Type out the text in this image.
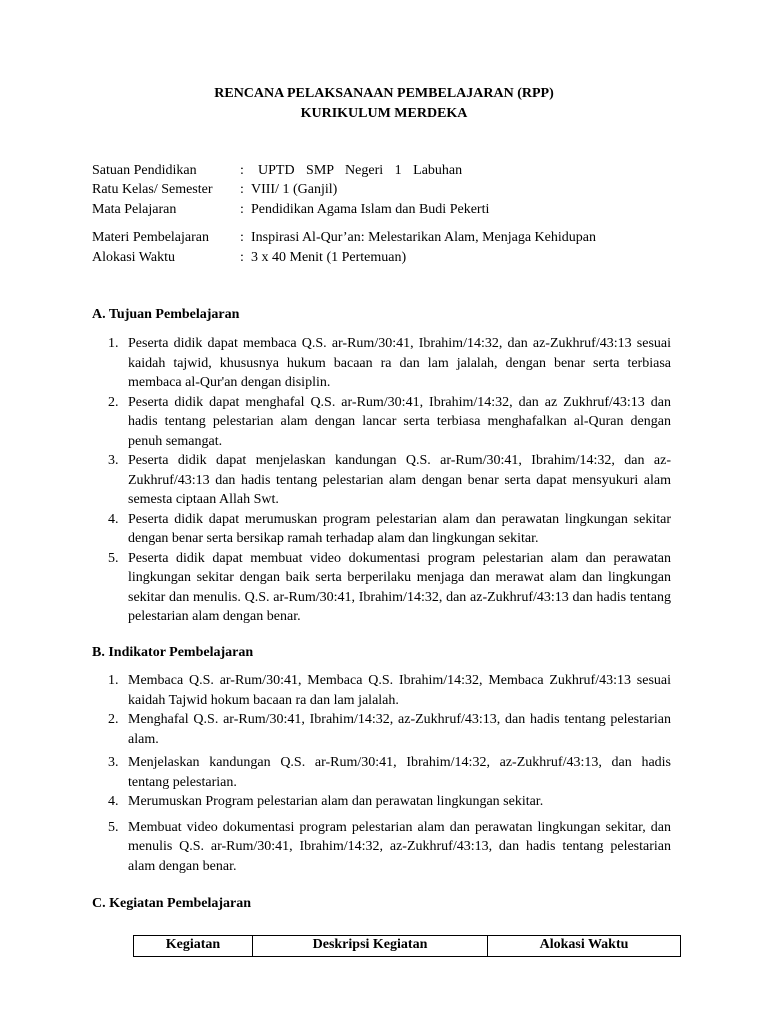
RENCANA PELAKSANAAN PEMBELAJARAN (RPP)
KURIKULUM MERDEKA
Satuan Pendidikan	: UPTD SMP Negeri 1 Labuhan
Ratu Kelas/ Semester	: VIII/ 1 (Ganjil)
Mata Pelajaran	: Pendidikan Agama Islam dan Budi Pekerti
Materi Pembelajaran	: Inspirasi Al-Qur’an: Melestarikan Alam, Menjaga Kehidupan
Alokasi Waktu	: 3 x 40 Menit (1 Pertemuan)
A. Tujuan Pembelajaran
1. Peserta didik dapat membaca Q.S. ar-Rum/30:41, Ibrahim/14:32, dan az-Zukhruf/43:13 sesuai kaidah tajwid, khususnya hukum bacaan ra dan lam jalalah, dengan benar serta terbiasa membaca al-Qur'an dengan disiplin.
2. Peserta didik dapat menghafal Q.S. ar-Rum/30:41, Ibrahim/14:32, dan az Zukhruf/43:13 dan hadis tentang pelestarian alam dengan lancar serta terbiasa menghafalkan al-Quran dengan penuh semangat.
3. Peserta didik dapat menjelaskan kandungan Q.S. ar-Rum/30:41, Ibrahim/14:32, dan az- Zukhruf/43:13 dan hadis tentang pelestarian alam dengan benar serta dapat mensyukuri alam semesta ciptaan Allah Swt.
4. Peserta didik dapat merumuskan program pelestarian alam dan perawatan lingkungan sekitar dengan benar serta bersikap ramah terhadap alam dan lingkungan sekitar.
5. Peserta didik dapat membuat video dokumentasi program pelestarian alam dan perawatan lingkungan sekitar dengan baik serta berperilaku menjaga dan merawat alam dan lingkungan sekitar dan menulis. Q.S. ar-Rum/30:41, Ibrahim/14:32, dan az-Zukhruf/43:13 dan hadis tentang pelestarian alam dengan benar.
B. Indikator Pembelajaran
1. Membaca Q.S. ar-Rum/30:41, Membaca Q.S. Ibrahim/14:32, Membaca Zukhruf/43:13 sesuai kaidah Tajwid hokum bacaan ra dan lam jalalah.
2. Menghafal Q.S. ar-Rum/30:41, Ibrahim/14:32, az-Zukhruf/43:13, dan hadis tentang pelestarian alam.
3. Menjelaskan kandungan Q.S. ar-Rum/30:41, Ibrahim/14:32, az-Zukhruf/43:13, dan hadis tentang pelestarian.
4. Merumuskan Program pelestarian alam dan perawatan lingkungan sekitar.
5. Membuat video dokumentasi program pelestarian alam dan perawatan lingkungan sekitar, dan menulis Q.S. ar-Rum/30:41, Ibrahim/14:32, az-Zukhruf/43:13, dan hadis tentang pelestarian alam dengan benar.
C. Kegiatan Pembelajaran
Kegiatan	Deskripsi Kegiatan	Alokasi Waktu
